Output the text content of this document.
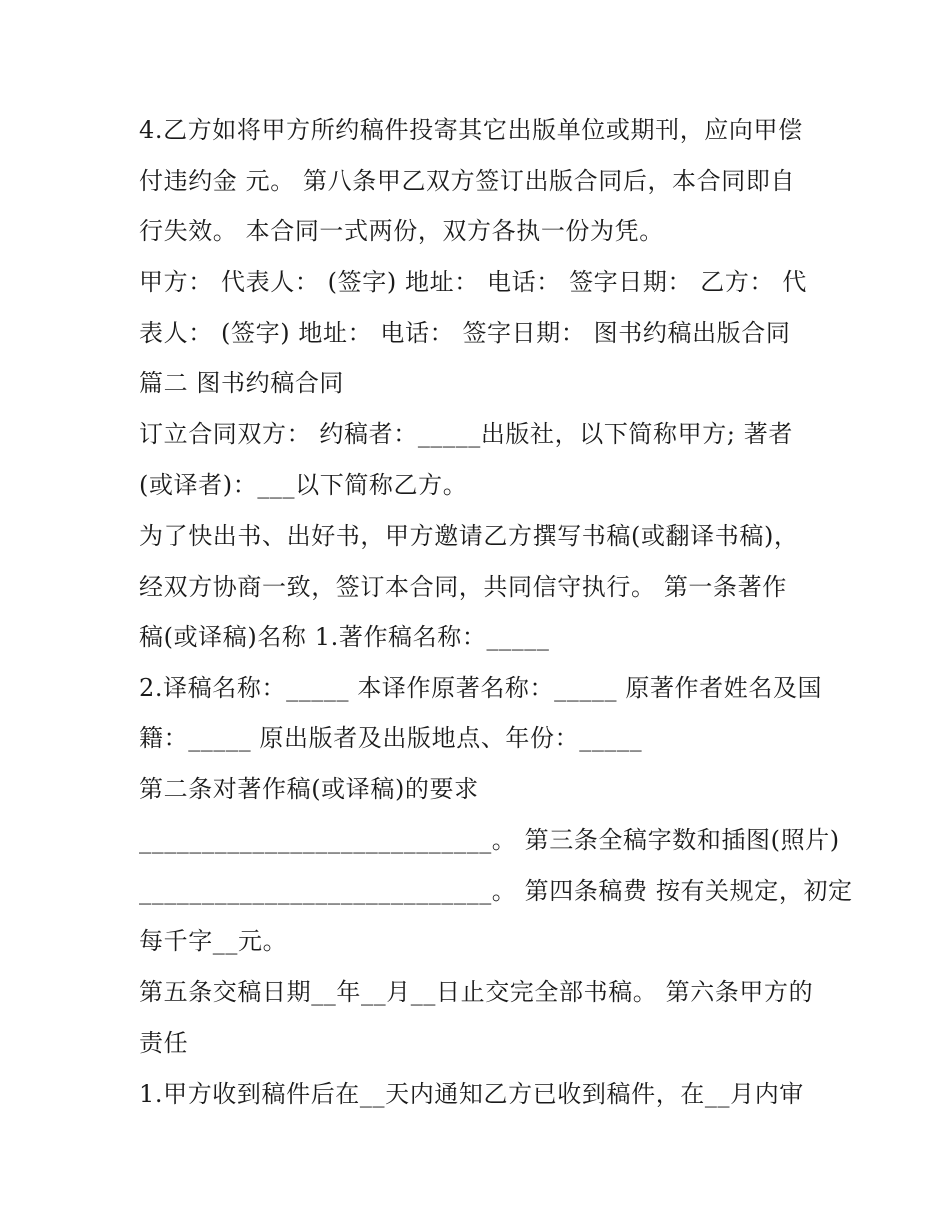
4.乙方如将甲方所约稿件投寄其它出版单位或期刊，应向甲偿
付违约金 元。 第八条甲乙双方签订出版合同后，本合同即自
行失效。 本合同一式两份，双方各执一份为凭。
甲方： 代表人： (签字) 地址： 电话： 签字日期： 乙方： 代
表人： (签字) 地址： 电话： 签字日期： 图书约稿出版合同
篇二 图书约稿合同
订立合同双方： 约稿者：_____出版社，以下简称甲方; 著者
(或译者)：___以下简称乙方。
为了快出书、出好书，甲方邀请乙方撰写书稿(或翻译书稿)，
经双方协商一致，签订本合同，共同信守执行。 第一条著作
稿(或译稿)名称 1.著作稿名称：_____
2.译稿名称：_____ 本译作原著名称：_____ 原著作者姓名及国
籍：_____ 原出版者及出版地点、年份：_____
第二条对著作稿(或译稿)的要求
____________________________。 第三条全稿字数和插图(照片)
____________________________。 第四条稿费 按有关规定，初定
每千字__元。
第五条交稿日期__年__月__日止交完全部书稿。 第六条甲方的
责任
1.甲方收到稿件后在__天内通知乙方已收到稿件，在__月内审
